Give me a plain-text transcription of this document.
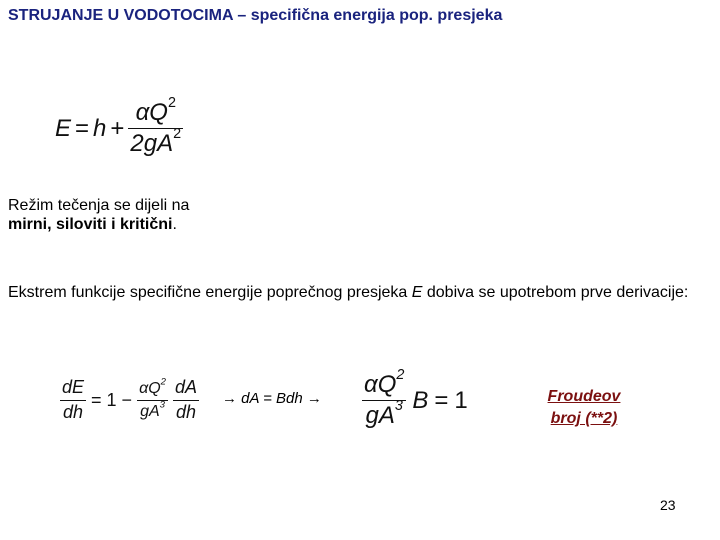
STRUJANJE U VODOTOCIMA – specifična energija pop. presjeka
$E = h + \frac{\alpha Q^2}{2gA^2}$
Režim tečenja se dijeli na
mirni, siloviti i kritični.
Ekstrem funkcije specifične energije poprečnog presjeka E dobiva se upotrebom prve derivacije:
$\frac{dE}{dh} = 1 - \frac{\alpha Q^2}{gA^3} \frac{dA}{dh}$ → dA = Bdh → $\frac{\alpha Q^2}{gA^3}$ B = 1	Froudeov
broj (**2)
23
